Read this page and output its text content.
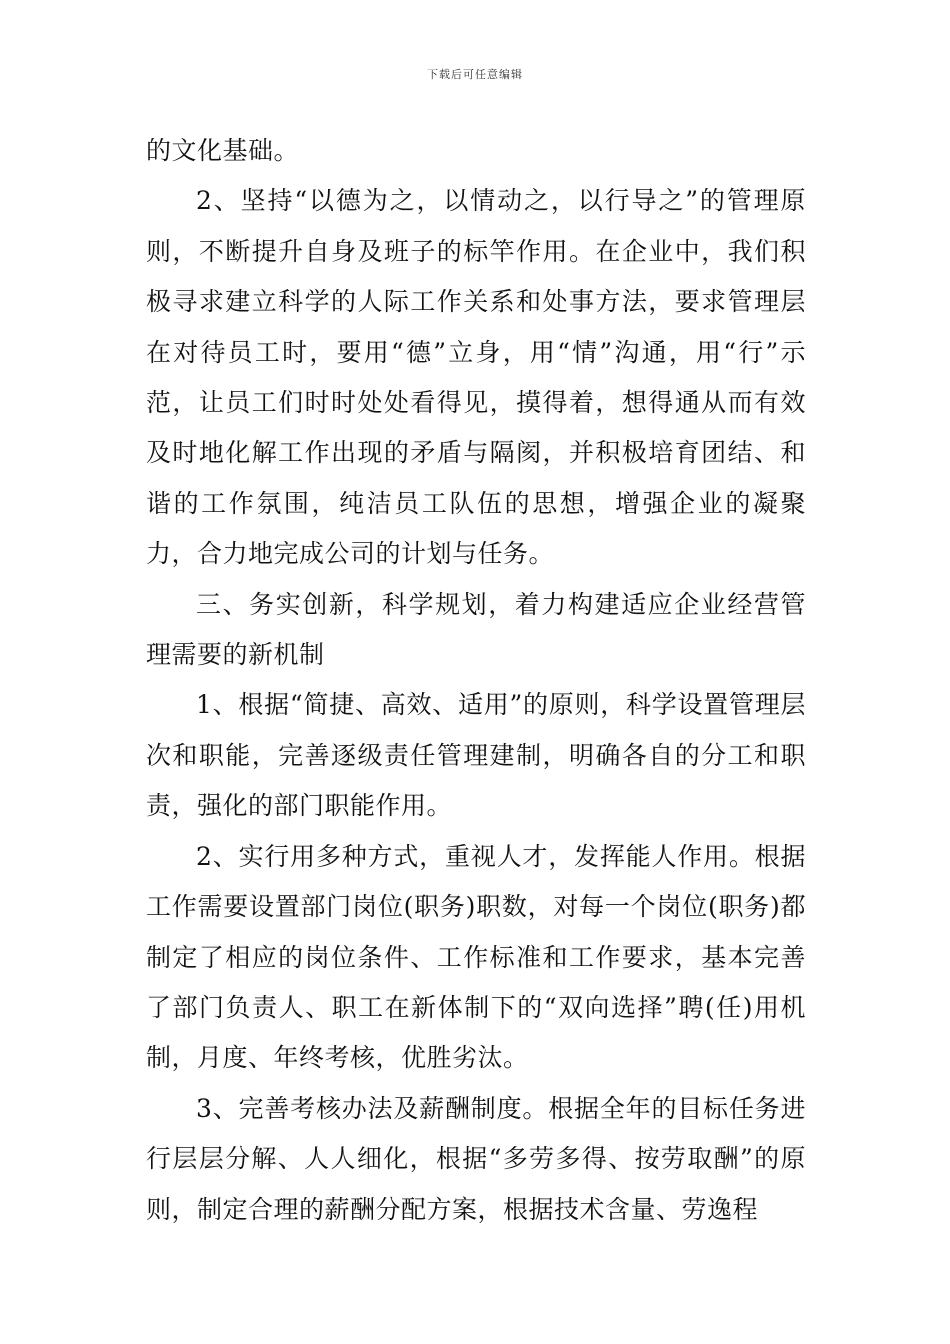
下载后可任意编辑

的文化基础。

2、坚持“以德为之，以情动之，以行导之”的管理原则，不断提升自身及班子的标竿作用。在企业中，我们积极寻求建立科学的人际工作关系和处事方法，要求管理层在对待员工时，要用“德”立身，用“情”沟通，用“行”示范，让员工们时时处处看得见，摸得着，想得通从而有效及时地化解工作出现的矛盾与隔阂，并积极培育团结、和谐的工作氛围，纯洁员工队伍的思想，增强企业的凝聚力，合力地完成公司的计划与任务。

三、务实创新，科学规划，着力构建适应企业经营管理需要的新机制

1、根据“简捷、高效、适用”的原则，科学设置管理层次和职能，完善逐级责任管理建制，明确各自的分工和职责，强化的部门职能作用。

2、实行用多种方式，重视人才，发挥能人作用。根据工作需要设置部门岗位(职务)职数，对每一个岗位(职务)都制定了相应的岗位条件、工作标准和工作要求，基本完善了部门负责人、职工在新体制下的“双向选择”聘(任)用机制，月度、年终考核，优胜劣汰。

3、完善考核办法及薪酬制度。根据全年的目标任务进行层层分解、人人细化，根据“多劳多得、按劳取酬”的原则，制定合理的薪酬分配方案，根据技术含量、劳逸程
